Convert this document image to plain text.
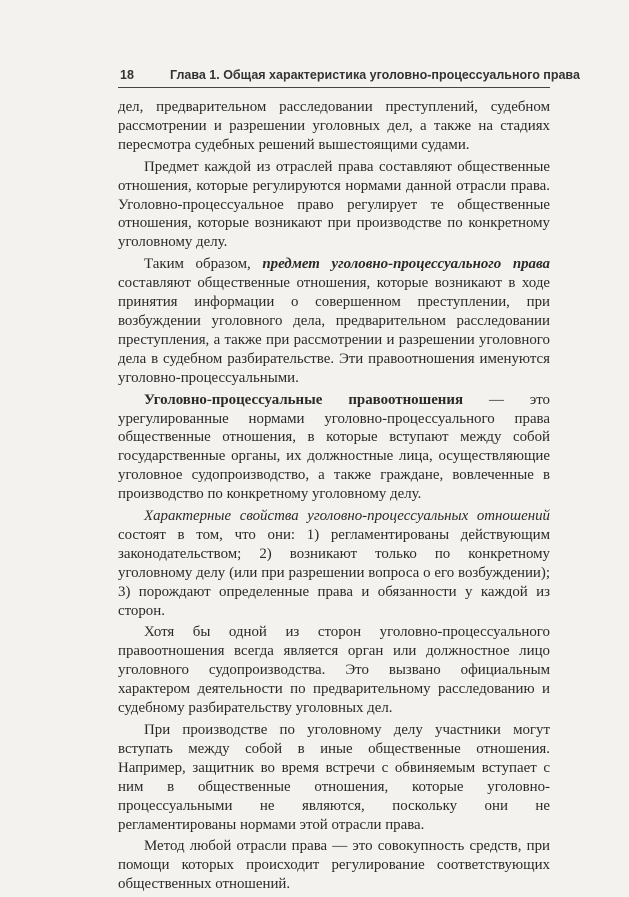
18	Глава 1. Общая характеристика уголовно-процессуального права

дел, предварительном расследовании преступлений, судебном рассмотрении и разрешении уголовных дел, а также на стадиях пересмотра судебных решений вышестоящими судами.

Предмет каждой из отраслей права составляют общественные отношения, которые регулируются нормами данной отрасли права. Уголовно-процессуальное право регулирует те общественные отношения, которые возникают при производстве по конкретному уголовному делу.

Таким образом, предмет уголовно-процессуального права составляют общественные отношения, которые возникают в ходе принятия информации о совершенном преступлении, при возбуждении уголовного дела, предварительном расследовании преступления, а также при рассмотрении и разрешении уголовного дела в судебном разбирательстве. Эти правоотношения именуются уголовно-процессуальными.

Уголовно-процессуальные правоотношения — это урегулированные нормами уголовно-процессуального права общественные отношения, в которые вступают между собой государственные органы, их должностные лица, осуществляющие уголовное судопроизводство, а также граждане, вовлеченные в производство по конкретному уголовному делу.

Характерные свойства уголовно-процессуальных отношений состоят в том, что они: 1) регламентированы действующим законодательством; 2) возникают только по конкретному уголовному делу (или при разрешении вопроса о его возбуждении); 3) порождают определенные права и обязанности у каждой из сторон.

Хотя бы одной из сторон уголовно-процессуального правоотношения всегда является орган или должностное лицо уголовного судопроизводства. Это вызвано официальным характером деятельности по предварительному расследованию и судебному разбирательству уголовных дел.

При производстве по уголовному делу участники могут вступать между собой в иные общественные отношения. Например, защитник во время встречи с обвиняемым вступает с ним в общественные отношения, которые уголовно-процессуальными не являются, поскольку они не регламентированы нормами этой отрасли права.

Метод любой отрасли права — это совокупность средств, при помощи которых происходит регулирование соответствующих общественных отношений.
